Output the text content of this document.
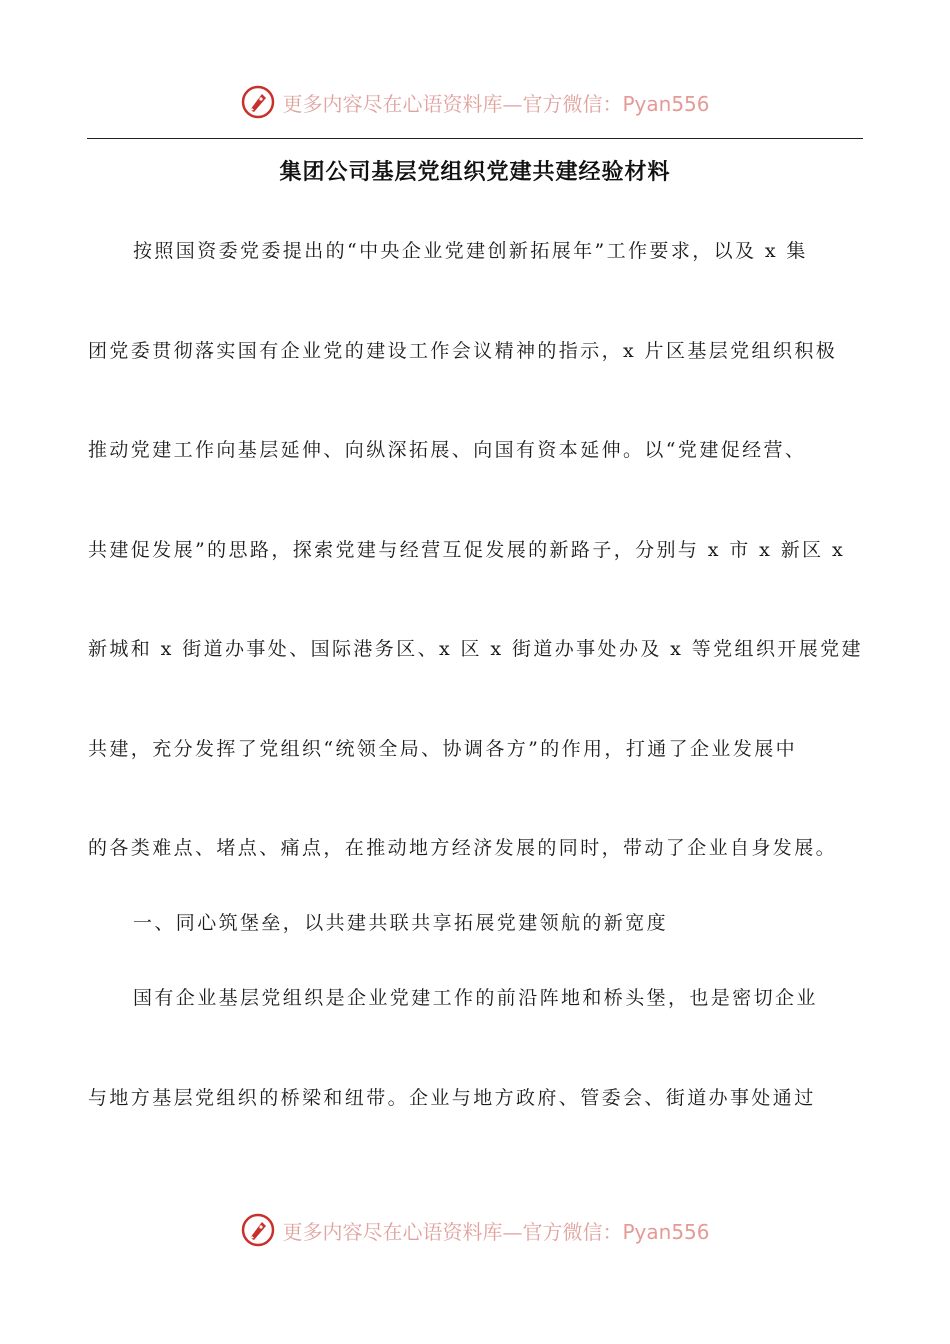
更多内容尽在心语资料库—官方微信：Pyan556
集团公司基层党组织党建共建经验材料
按照国资委党委提出的“中央企业党建创新拓展年”工作要求，以及 x 集
团党委贯彻落实国有企业党的建设工作会议精神的指示，x 片区基层党组织积极
推动党建工作向基层延伸、向纵深拓展、向国有资本延伸。以“党建促经营、
共建促发展”的思路，探索党建与经营互促发展的新路子，分别与 x 市 x 新区 x
新城和 x 街道办事处、国际港务区、x 区 x 街道办事处办及 x 等党组织开展党建
共建，充分发挥了党组织“统领全局、协调各方”的作用，打通了企业发展中
的各类难点、堵点、痛点，在推动地方经济发展的同时，带动了企业自身发展。
一、同心筑堡垒，以共建共联共享拓展党建领航的新宽度
国有企业基层党组织是企业党建工作的前沿阵地和桥头堡，也是密切企业
与地方基层党组织的桥梁和纽带。企业与地方政府、管委会、街道办事处通过
更多内容尽在心语资料库—官方微信：Pyan556
